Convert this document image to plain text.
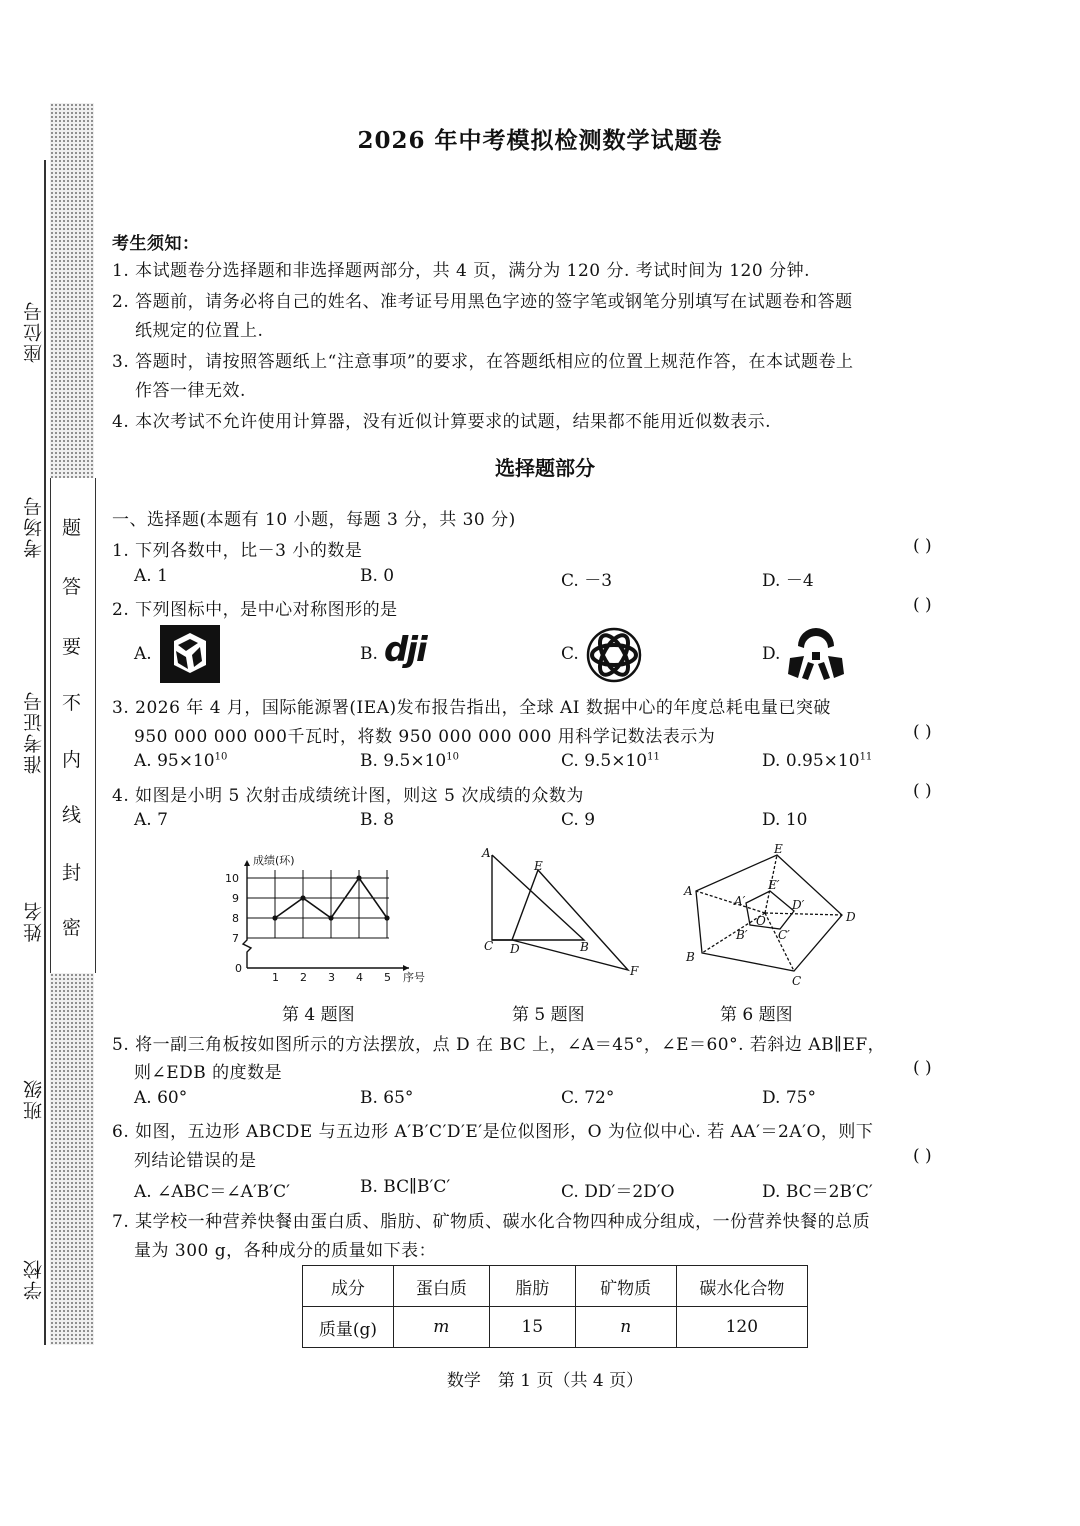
座位号
考场号
准考证号
姓名
班级
学校
题
答
要
不
内
线
封
密
2026 年中考模拟检测数学试题卷
考生须知：
1. 本试题卷分选择题和非选择题两部分，共 4 页，满分为 120 分. 考试时间为 120 分钟.
2. 答题前，请务必将自己的姓名、准考证号用黑色字迹的签字笔或钢笔分别填写在试题卷和答题
纸规定的位置上.
3. 答题时，请按照答题纸上“注意事项”的要求，在答题纸相应的位置上规范作答，在本试题卷上
作答一律无效.
4. 本次考试不允许使用计算器，没有近似计算要求的试题，结果都不能用近似数表示.
选择题部分
一、选择题(本题有 10 小题，每题 3 分，共 30 分)
1. 下列各数中，比－3 小的数是	( )
A. 1	B. 0	C. －3	D. －4
2. 下列图标中，是中心对称图形的是	( )
A.	B. dji	C.	D.
3. 2026 年 4 月，国际能源署(IEA)发布报告指出，全球 AI 数据中心的年度总耗电量已突破
950 000 000 000千瓦时，将数 950 000 000 000 用科学记数法表示为	( )
A. $95\times 10^{10}$	B. $9.5\times 10^{10}$	C. $9.5\times 10^{11}$	D. $0.95\times 10^{11}$
4. 如图是小明 5 次射击成绩统计图，则这 5 次成绩的众数为	( )
A. 7	B. 8	C. 9	D. 10
成绩(环)
7
8
9
10
0
1 2 3 4 5 序号
A
E
C D	B
F
E
A
A′
E′
D′
D
O
B′	C′
B
C
第 4 题图	第 5 题图	第 6 题图
5. 将一副三角板按如图所示的方法摆放，点 D 在 BC 上，∠A＝45°，∠E＝60°. 若斜边 AB∥EF，
则∠EDB 的度数是	( )
A. 60°	B. 65°	C. 72°	D. 75°
6. 如图，五边形 ABCDE 与五边形 A′B′C′D′E′是位似图形，O 为位似中心. 若 AA′＝2A′O，则下
列结论错误的是	( )
A. ∠ABC＝∠A′B′C′	B. BC∥B′C′	C. DD′＝2D′O	D. BC＝2B′C′
7. 某学校一种营养快餐由蛋白质、脂肪、矿物质、碳水化合物四种成分组成，一份营养快餐的总质
量为 300 g，各种成分的质量如下表：
成分	蛋白质	脂肪	矿物质	碳水化合物
质量(g)	m	15	n	120
数学　第 1 页（共 4 页）
